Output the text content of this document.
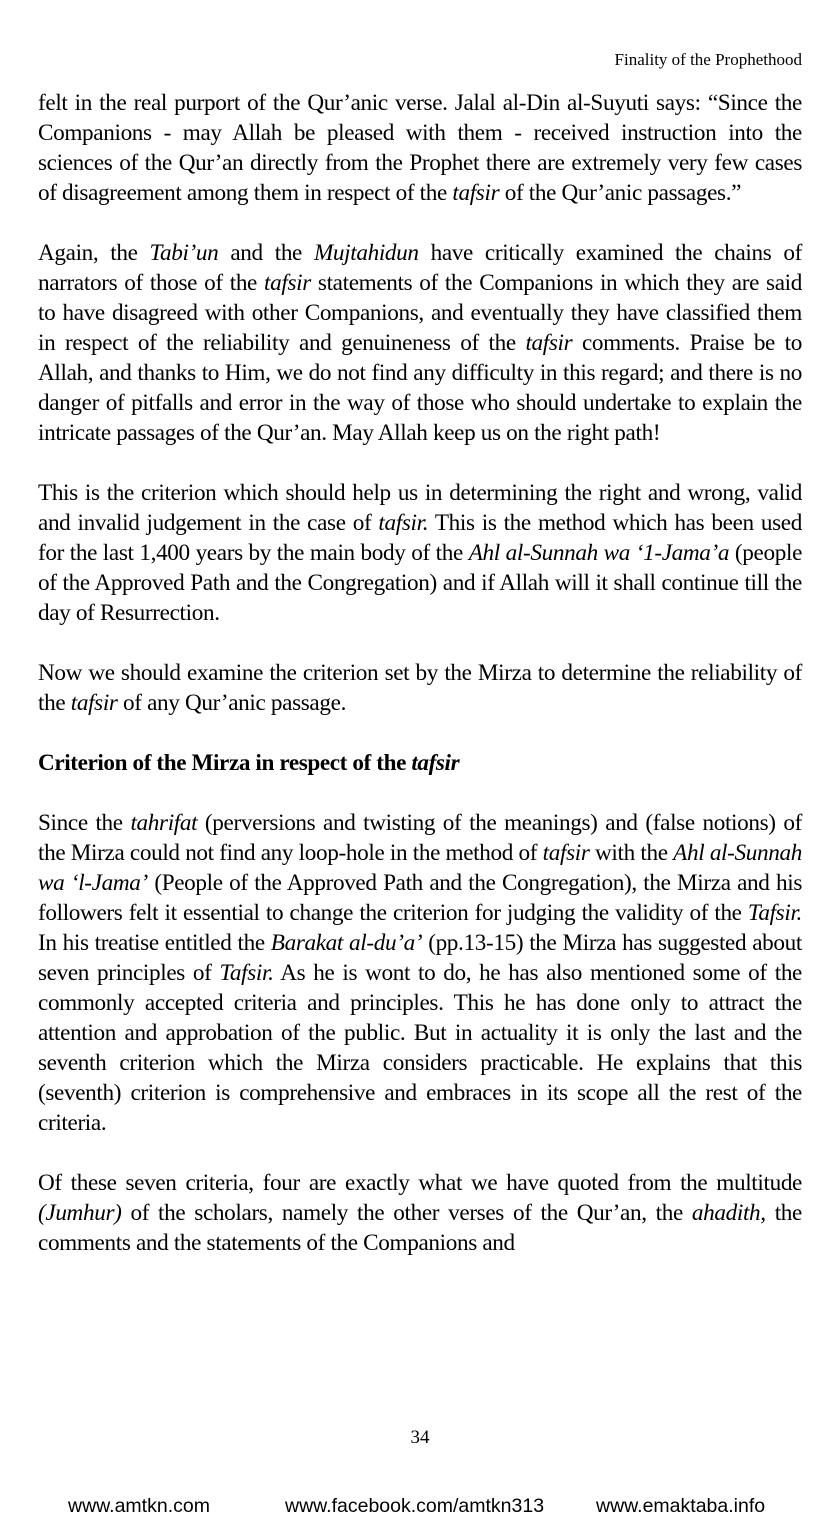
Finality of the Prophethood

felt in the real purport of the Qur’anic verse. Jalal al-Din al-Suyuti says: “Since the Companions - may Allah be pleased with them - received instruction into the sciences of the Qur’an directly from the Prophet there are extremely very few cases of disagreement among them in respect of the tafsir of the Qur’anic passages.”

Again, the Tabi’un and the Mujtahidun have critically examined the chains of narrators of those of the tafsir statements of the Companions in which they are said to have disagreed with other Companions, and eventually they have classified them in respect of the reliability and genuineness of the tafsir comments. Praise be to Allah, and thanks to Him, we do not find any difficulty in this regard; and there is no danger of pitfalls and error in the way of those who should undertake to explain the intricate passages of the Qur’an. May Allah keep us on the right path!

This is the criterion which should help us in determining the right and wrong, valid and invalid judgement in the case of tafsir. This is the method which has been used for the last 1,400 years by the main body of the Ahl al-Sunnah wa ‘1-Jama’a (people of the Approved Path and the Congregation) and if Allah will it shall continue till the day of Resurrection.

Now we should examine the criterion set by the Mirza to determine the reliability of the tafsir of any Qur’anic passage.

Criterion of the Mirza in respect of the tafsir

Since the tahrifat (perversions and twisting of the meanings) and (false notions) of the Mirza could not find any loop-hole in the method of tafsir with the Ahl al-Sunnah wa ‘l-Jama’ (People of the Approved Path and the Congregation), the Mirza and his followers felt it essential to change the criterion for judging the validity of the Tafsir. In his treatise entitled the Barakat al-du’a’ (pp.13-15) the Mirza has suggested about seven principles of Tafsir. As he is wont to do, he has also mentioned some of the commonly accepted criteria and principles. This he has done only to attract the attention and approbation of the public. But in actuality it is only the last and the seventh criterion which the Mirza considers practicable. He explains that this (seventh) criterion is comprehensive and embraces in its scope all the rest of the criteria.

Of these seven criteria, four are exactly what we have quoted from the multitude (Jumhur) of the scholars, namely the other verses of the Qur’an, the ahadith, the comments and the statements of the Companions and

34
www.amtkn.com	www.facebook.com/amtkn313	www.emaktaba.info
